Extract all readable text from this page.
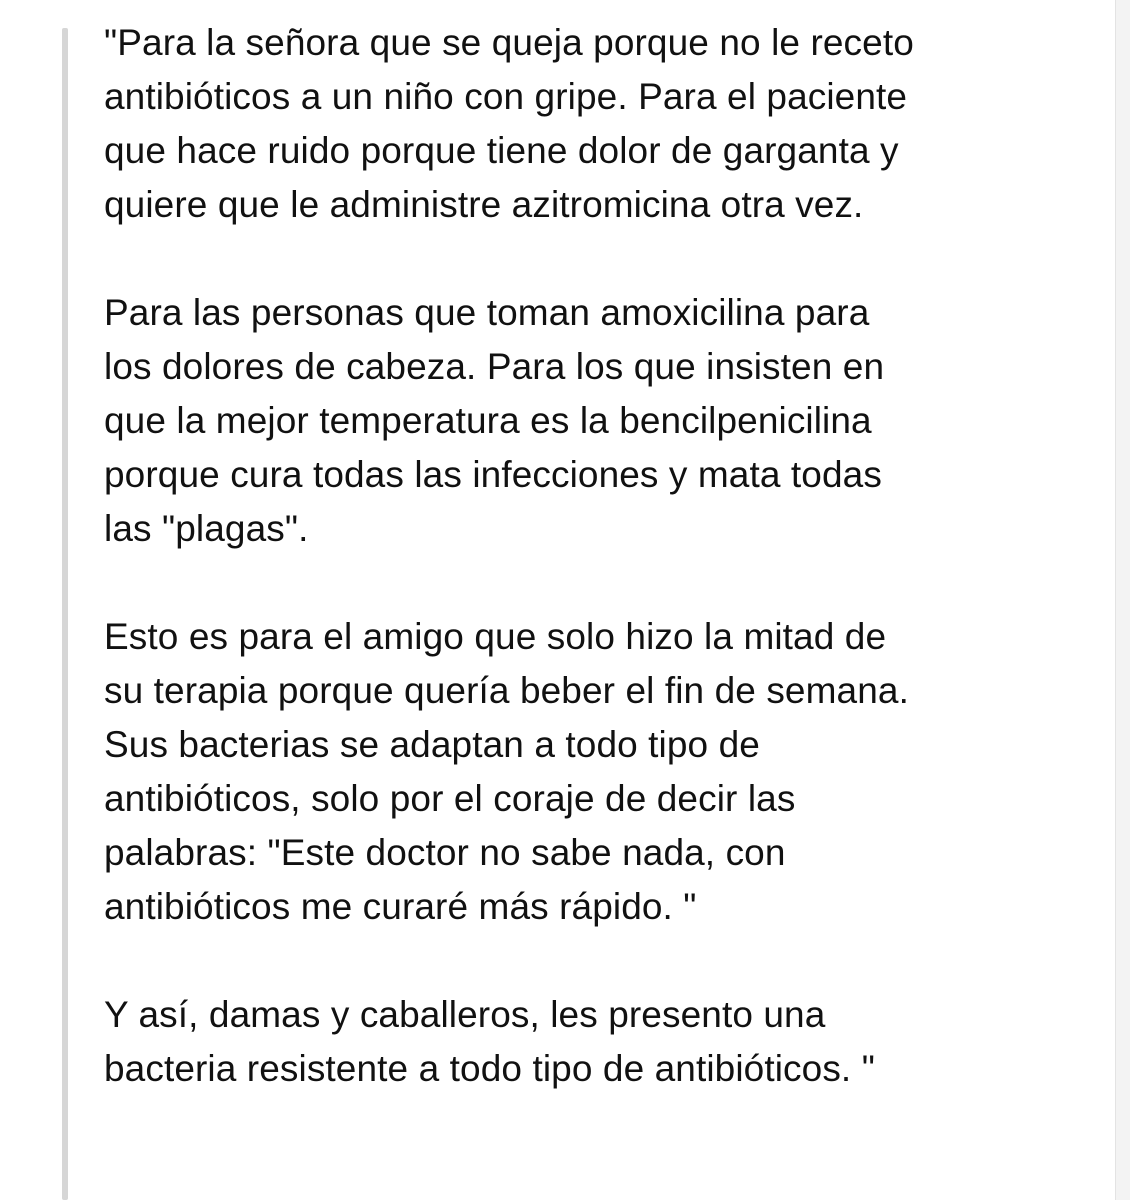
"Para la señora que se queja porque no le receto
antibióticos a un niño con gripe. Para el paciente
que hace ruido porque tiene dolor de garganta y
quiere que le administre azitromicina otra vez.

Para las personas que toman amoxicilina para
los dolores de cabeza. Para los que insisten en
que la mejor temperatura es la bencilpenicilina
porque cura todas las infecciones y mata todas
las "plagas".

Esto es para el amigo que solo hizo la mitad de
su terapia porque quería beber el fin de semana.
Sus bacterias se adaptan a todo tipo de
antibióticos, solo por el coraje de decir las
palabras: "Este doctor no sabe nada, con
antibióticos me curaré más rápido. "

Y así, damas y caballeros, les presento una
bacteria resistente a todo tipo de antibióticos. "
